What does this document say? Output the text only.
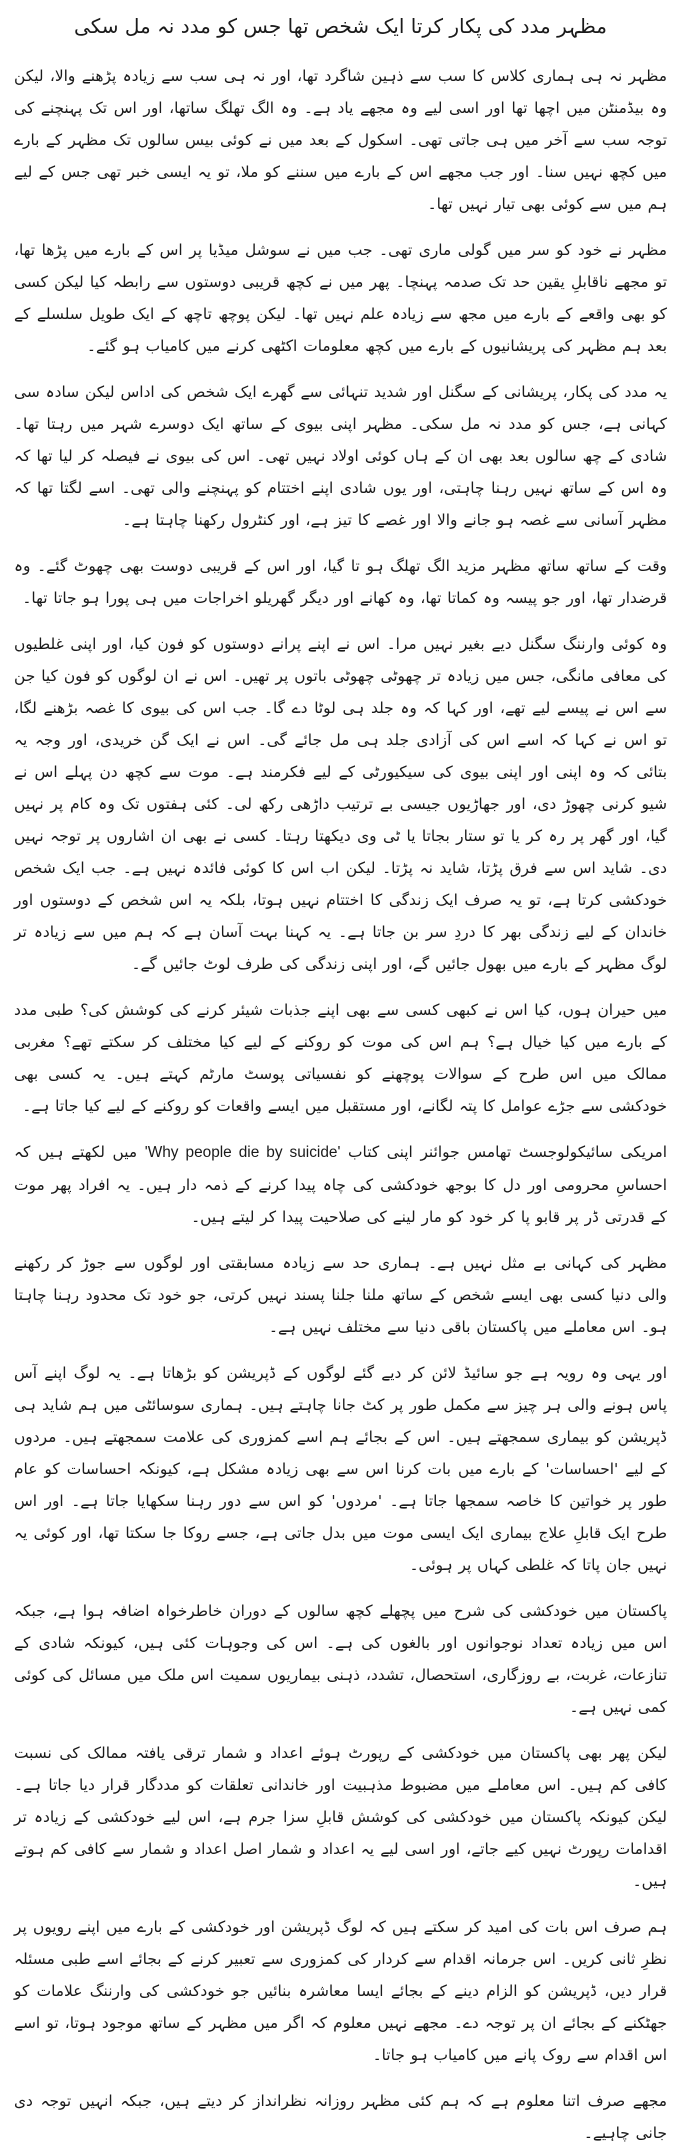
مظہر مدد کی پکار کرتا ایک شخص تھا جس کو مدد نہ مل سکی

مظہر نہ ہی ہماری کلاس کا سب سے ذہین شاگرد تھا، اور نہ ہی سب سے زیادہ پڑھنے والا، لیکن وہ بیڈمنٹن میں اچھا تھا اور اسی لیے وہ مجھے یاد ہے۔ وہ الگ تھلگ ساتھا، اور اس تک پہنچنے کی توجہ سب سے آخر میں ہی جاتی تھی۔ اسکول کے بعد میں نے کوئی بیس سالوں تک مظہر کے بارے میں کچھ نہیں سنا۔ اور جب مجھے اس کے بارے میں سننے کو ملا، تو یہ ایسی خبر تھی جس کے لیے ہم میں سے کوئی بھی تیار نہیں تھا۔

مظہر نے خود کو سر میں گولی ماری تھی۔ جب میں نے سوشل میڈیا پر اس کے بارے میں پڑھا تھا، تو مجھے ناقابلِ یقین حد تک صدمہ پہنچا۔ پھر میں نے کچھ قریبی دوستوں سے رابطہ کیا لیکن کسی کو بھی واقعے کے بارے میں مجھ سے زیادہ علم نہیں تھا۔ لیکن پوچھ تاچھ کے ایک طویل سلسلے کے بعد ہم مظہر کی پریشانیوں کے بارے میں کچھ معلومات اکٹھی کرنے میں کامیاب ہو گئے۔

یہ مدد کی پکار، پریشانی کے سگنل اور شدید تنہائی سے گھرے ایک شخص کی اداس لیکن سادہ سی کہانی ہے، جس کو مدد نہ مل سکی۔ مظہر اپنی بیوی کے ساتھ ایک دوسرے شہر میں رہتا تھا۔ شادی کے چھ سالوں بعد بھی ان کے ہاں کوئی اولاد نہیں تھی۔ اس کی بیوی نے فیصلہ کر لیا تھا کہ وہ اس کے ساتھ نہیں رہنا چاہتی، اور یوں شادی اپنے اختتام کو پہنچنے والی تھی۔ اسے لگتا تھا کہ مظہر آسانی سے غصہ ہو جانے والا اور غصے کا تیز ہے، اور کنٹرول رکھنا چاہتا ہے۔

وقت کے ساتھ ساتھ مظہر مزید الگ تھلگ ہو تا گیا، اور اس کے قریبی دوست بھی چھوٹ گئے۔ وہ قرضدار تھا، اور جو پیسہ وہ کماتا تھا، وہ کھانے اور دیگر گھریلو اخراجات میں ہی پورا ہو جاتا تھا۔

وہ کوئی وارننگ سگنل دیے بغیر نہیں مرا۔ اس نے اپنے پرانے دوستوں کو فون کیا، اور اپنی غلطیوں کی معافی مانگی، جس میں زیادہ تر چھوٹی چھوٹی باتوں پر تھیں۔ اس نے ان لوگوں کو فون کیا جن سے اس نے پیسے لیے تھے، اور کہا کہ وہ جلد ہی لوٹا دے گا۔ جب اس کی بیوی کا غصہ بڑھنے لگا، تو اس نے کہا کہ اسے اس کی آزادی جلد ہی مل جائے گی۔ اس نے ایک گن خریدی، اور وجہ یہ بتائی کہ وہ اپنی اور اپنی بیوی کی سیکیورٹی کے لیے فکرمند ہے۔ موت سے کچھ دن پہلے اس نے شیو کرنی چھوڑ دی، اور جھاڑیوں جیسی بے ترتیب داڑھی رکھ لی۔ کئی ہفتوں تک وہ کام پر نہیں گیا، اور گھر پر رہ کر یا تو ستار بجاتا یا ٹی وی دیکھتا رہتا۔ کسی نے بھی ان اشاروں پر توجہ نہیں دی۔ شاید اس سے فرق پڑتا، شاید نہ پڑتا۔ لیکن اب اس کا کوئی فائدہ نہیں ہے۔ جب ایک شخص خودکشی کرتا ہے، تو یہ صرف ایک زندگی کا اختتام نہیں ہوتا، بلکہ یہ اس شخص کے دوستوں اور خاندان کے لیے زندگی بھر کا دردِ سر بن جاتا ہے۔ یہ کہنا بہت آسان ہے کہ ہم میں سے زیادہ تر لوگ مظہر کے بارے میں بھول جائیں گے، اور اپنی زندگی کی طرف لوٹ جائیں گے۔

میں حیران ہوں، کیا اس نے کبھی کسی سے بھی اپنے جذبات شیئر کرنے کی کوشش کی؟ طبی مدد کے بارے میں کیا خیال ہے؟ ہم اس کی موت کو روکنے کے لیے کیا مختلف کر سکتے تھے؟ مغربی ممالک میں اس طرح کے سوالات پوچھنے کو نفسیاتی پوسٹ مارٹم کہتے ہیں۔ یہ کسی بھی خودکشی سے جڑے عوامل کا پتہ لگانے، اور مستقبل میں ایسے واقعات کو روکنے کے لیے کیا جاتا ہے۔

امریکی سائیکولوجسٹ تھامس جوائنر اپنی کتاب 'Why people die by suicide' میں لکھتے ہیں کہ احساسِ محرومی اور دل کا بوجھ خودکشی کی چاہ پیدا کرنے کے ذمہ دار ہیں۔ یہ افراد پھر موت کے قدرتی ڈر پر قابو پا کر خود کو مار لینے کی صلاحیت پیدا کر لیتے ہیں۔

مظہر کی کہانی بے مثل نہیں ہے۔ ہماری حد سے زیادہ مسابقتی اور لوگوں سے جوڑ کر رکھنے والی دنیا کسی بھی ایسے شخص کے ساتھ ملنا جلنا پسند نہیں کرتی، جو خود تک محدود رہنا چاہتا ہو۔ اس معاملے میں پاکستان باقی دنیا سے مختلف نہیں ہے۔

اور یہی وہ رویہ ہے جو سائیڈ لائن کر دیے گئے لوگوں کے ڈپریشن کو بڑھاتا ہے۔ یہ لوگ اپنے آس پاس ہونے والی ہر چیز سے مکمل طور پر کٹ جانا چاہتے ہیں۔ ہماری سوسائٹی میں ہم شاید ہی ڈپریشن کو بیماری سمجھتے ہیں۔ اس کے بجائے ہم اسے کمزوری کی علامت سمجھتے ہیں۔ مردوں کے لیے 'احساسات' کے بارے میں بات کرنا اس سے بھی زیادہ مشکل ہے، کیونکہ احساسات کو عام طور پر خواتین کا خاصہ سمجھا جاتا ہے۔ 'مردوں' کو اس سے دور رہنا سکھایا جاتا ہے۔ اور اس طرح ایک قابلِ علاج بیماری ایک ایسی موت میں بدل جاتی ہے، جسے روکا جا سکتا تھا، اور کوئی یہ نہیں جان پاتا کہ غلطی کہاں پر ہوئی۔

پاکستان میں خودکشی کی شرح میں پچھلے کچھ سالوں کے دوران خاطرخواہ اضافہ ہوا ہے، جبکہ اس میں زیادہ تعداد نوجوانوں اور بالغوں کی ہے۔ اس کی وجوہات کئی ہیں، کیونکہ شادی کے تنازعات، غربت، بے روزگاری، استحصال، تشدد، ذہنی بیماریوں سمیت اس ملک میں مسائل کی کوئی کمی نہیں ہے۔

لیکن پھر بھی پاکستان میں خودکشی کے رپورٹ ہوئے اعداد و شمار ترقی یافتہ ممالک کی نسبت کافی کم ہیں۔ اس معاملے میں مضبوط مذہبیت اور خاندانی تعلقات کو مددگار قرار دیا جاتا ہے۔ لیکن کیونکہ پاکستان میں خودکشی کی کوشش قابلِ سزا جرم ہے، اس لیے خودکشی کے زیادہ تر اقدامات رپورٹ نہیں کیے جاتے، اور اسی لیے یہ اعداد و شمار اصل اعداد و شمار سے کافی کم ہوتے ہیں۔

ہم صرف اس بات کی امید کر سکتے ہیں کہ لوگ ڈپریشن اور خودکشی کے بارے میں اپنے رویوں پر نظرِ ثانی کریں۔ اس جرمانہ اقدام سے کردار کی کمزوری سے تعبیر کرنے کے بجائے اسے طبی مسئلہ قرار دیں، ڈپریشن کو الزام دینے کے بجائے ایسا معاشرہ بنائیں جو خودکشی کی وارننگ علامات کو جھٹکنے کے بجائے ان پر توجہ دے۔ مجھے نہیں معلوم کہ اگر میں مظہر کے ساتھ موجود ہوتا، تو اسے اس اقدام سے روک پانے میں کامیاب ہو جاتا۔

مجھے صرف اتنا معلوم ہے کہ ہم کئی مظہر روزانہ نظرانداز کر دیتے ہیں، جبکہ انہیں توجہ دی جانی چاہیے۔
